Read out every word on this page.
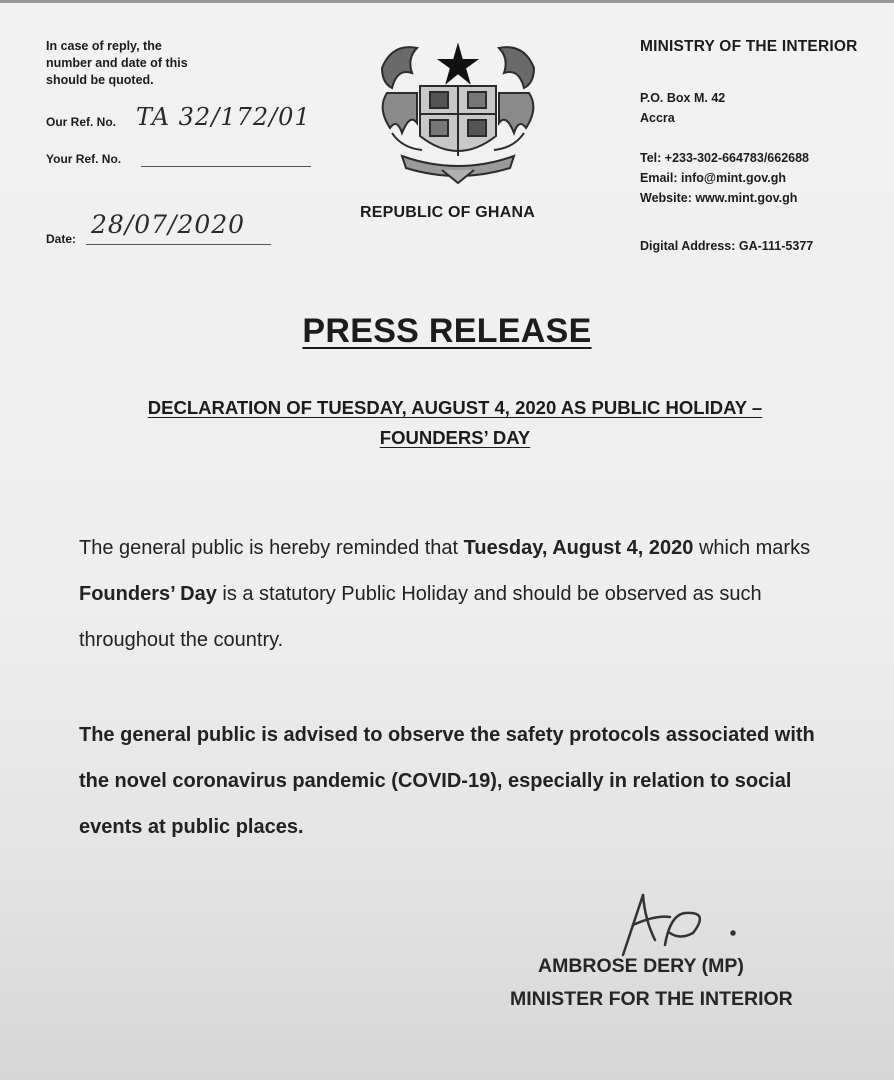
In case of reply, the
number and date of this
should be quoted.
Our Ref. No. TA 32/172/01
Your Ref. No.
Date: 28/07/2020	REPUBLIC OF GHANA
MINISTRY OF THE INTERIOR
P.O. Box M. 42
Accra
Tel: +233-302-664783/662688
Email: info@mint.gov.gh
Website: www.mint.gov.gh
Digital Address: GA-111-5377
PRESS RELEASE
DECLARATION OF TUESDAY, AUGUST 4, 2020 AS PUBLIC HOLIDAY –
FOUNDERS’ DAY
The general public is hereby reminded that Tuesday, August 4, 2020 which marks Founders’ Day is a statutory Public Holiday and should be observed as such throughout the country.
The general public is advised to observe the safety protocols associated with the novel coronavirus pandemic (COVID-19), especially in relation to social events at public places.
AMBROSE DERY (MP)
MINISTER FOR THE INTERIOR
